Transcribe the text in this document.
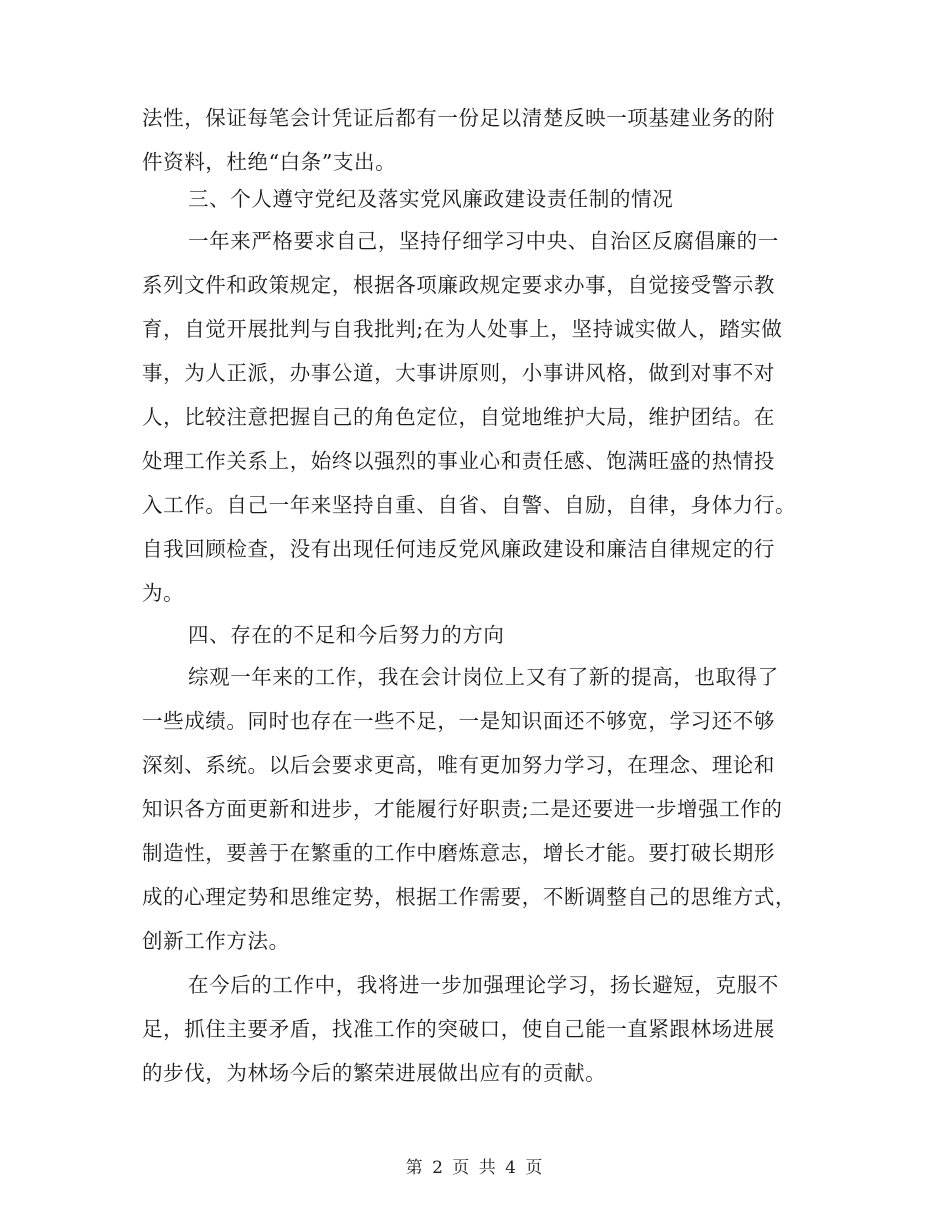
法性，保证每笔会计凭证后都有一份足以清楚反映一项基建业务的附
件资料，杜绝“白条”支出。
三、个人遵守党纪及落实党风廉政建设责任制的情况
一年来严格要求自己，坚持仔细学习中央、自治区反腐倡廉的一
系列文件和政策规定，根据各项廉政规定要求办事，自觉接受警示教
育，自觉开展批判与自我批判;在为人处事上，坚持诚实做人，踏实做
事，为人正派，办事公道，大事讲原则，小事讲风格，做到对事不对
人，比较注意把握自己的角色定位，自觉地维护大局，维护团结。在
处理工作关系上，始终以强烈的事业心和责任感、饱满旺盛的热情投
入工作。自己一年来坚持自重、自省、自警、自励，自律，身体力行。
自我回顾检查，没有出现任何违反党风廉政建设和廉洁自律规定的行
为。
四、存在的不足和今后努力的方向
综观一年来的工作，我在会计岗位上又有了新的提高，也取得了
一些成绩。同时也存在一些不足，一是知识面还不够宽，学习还不够
深刻、系统。以后会要求更高，唯有更加努力学习，在理念、理论和
知识各方面更新和进步，才能履行好职责;二是还要进一步增强工作的
制造性，要善于在繁重的工作中磨炼意志，增长才能。要打破长期形
成的心理定势和思维定势，根据工作需要，不断调整自己的思维方式，
创新工作方法。
在今后的工作中，我将进一步加强理论学习，扬长避短，克服不
足，抓住主要矛盾，找准工作的突破口，使自己能一直紧跟林场进展
的步伐，为林场今后的繁荣进展做出应有的贡献。
第 2 页 共 4 页
